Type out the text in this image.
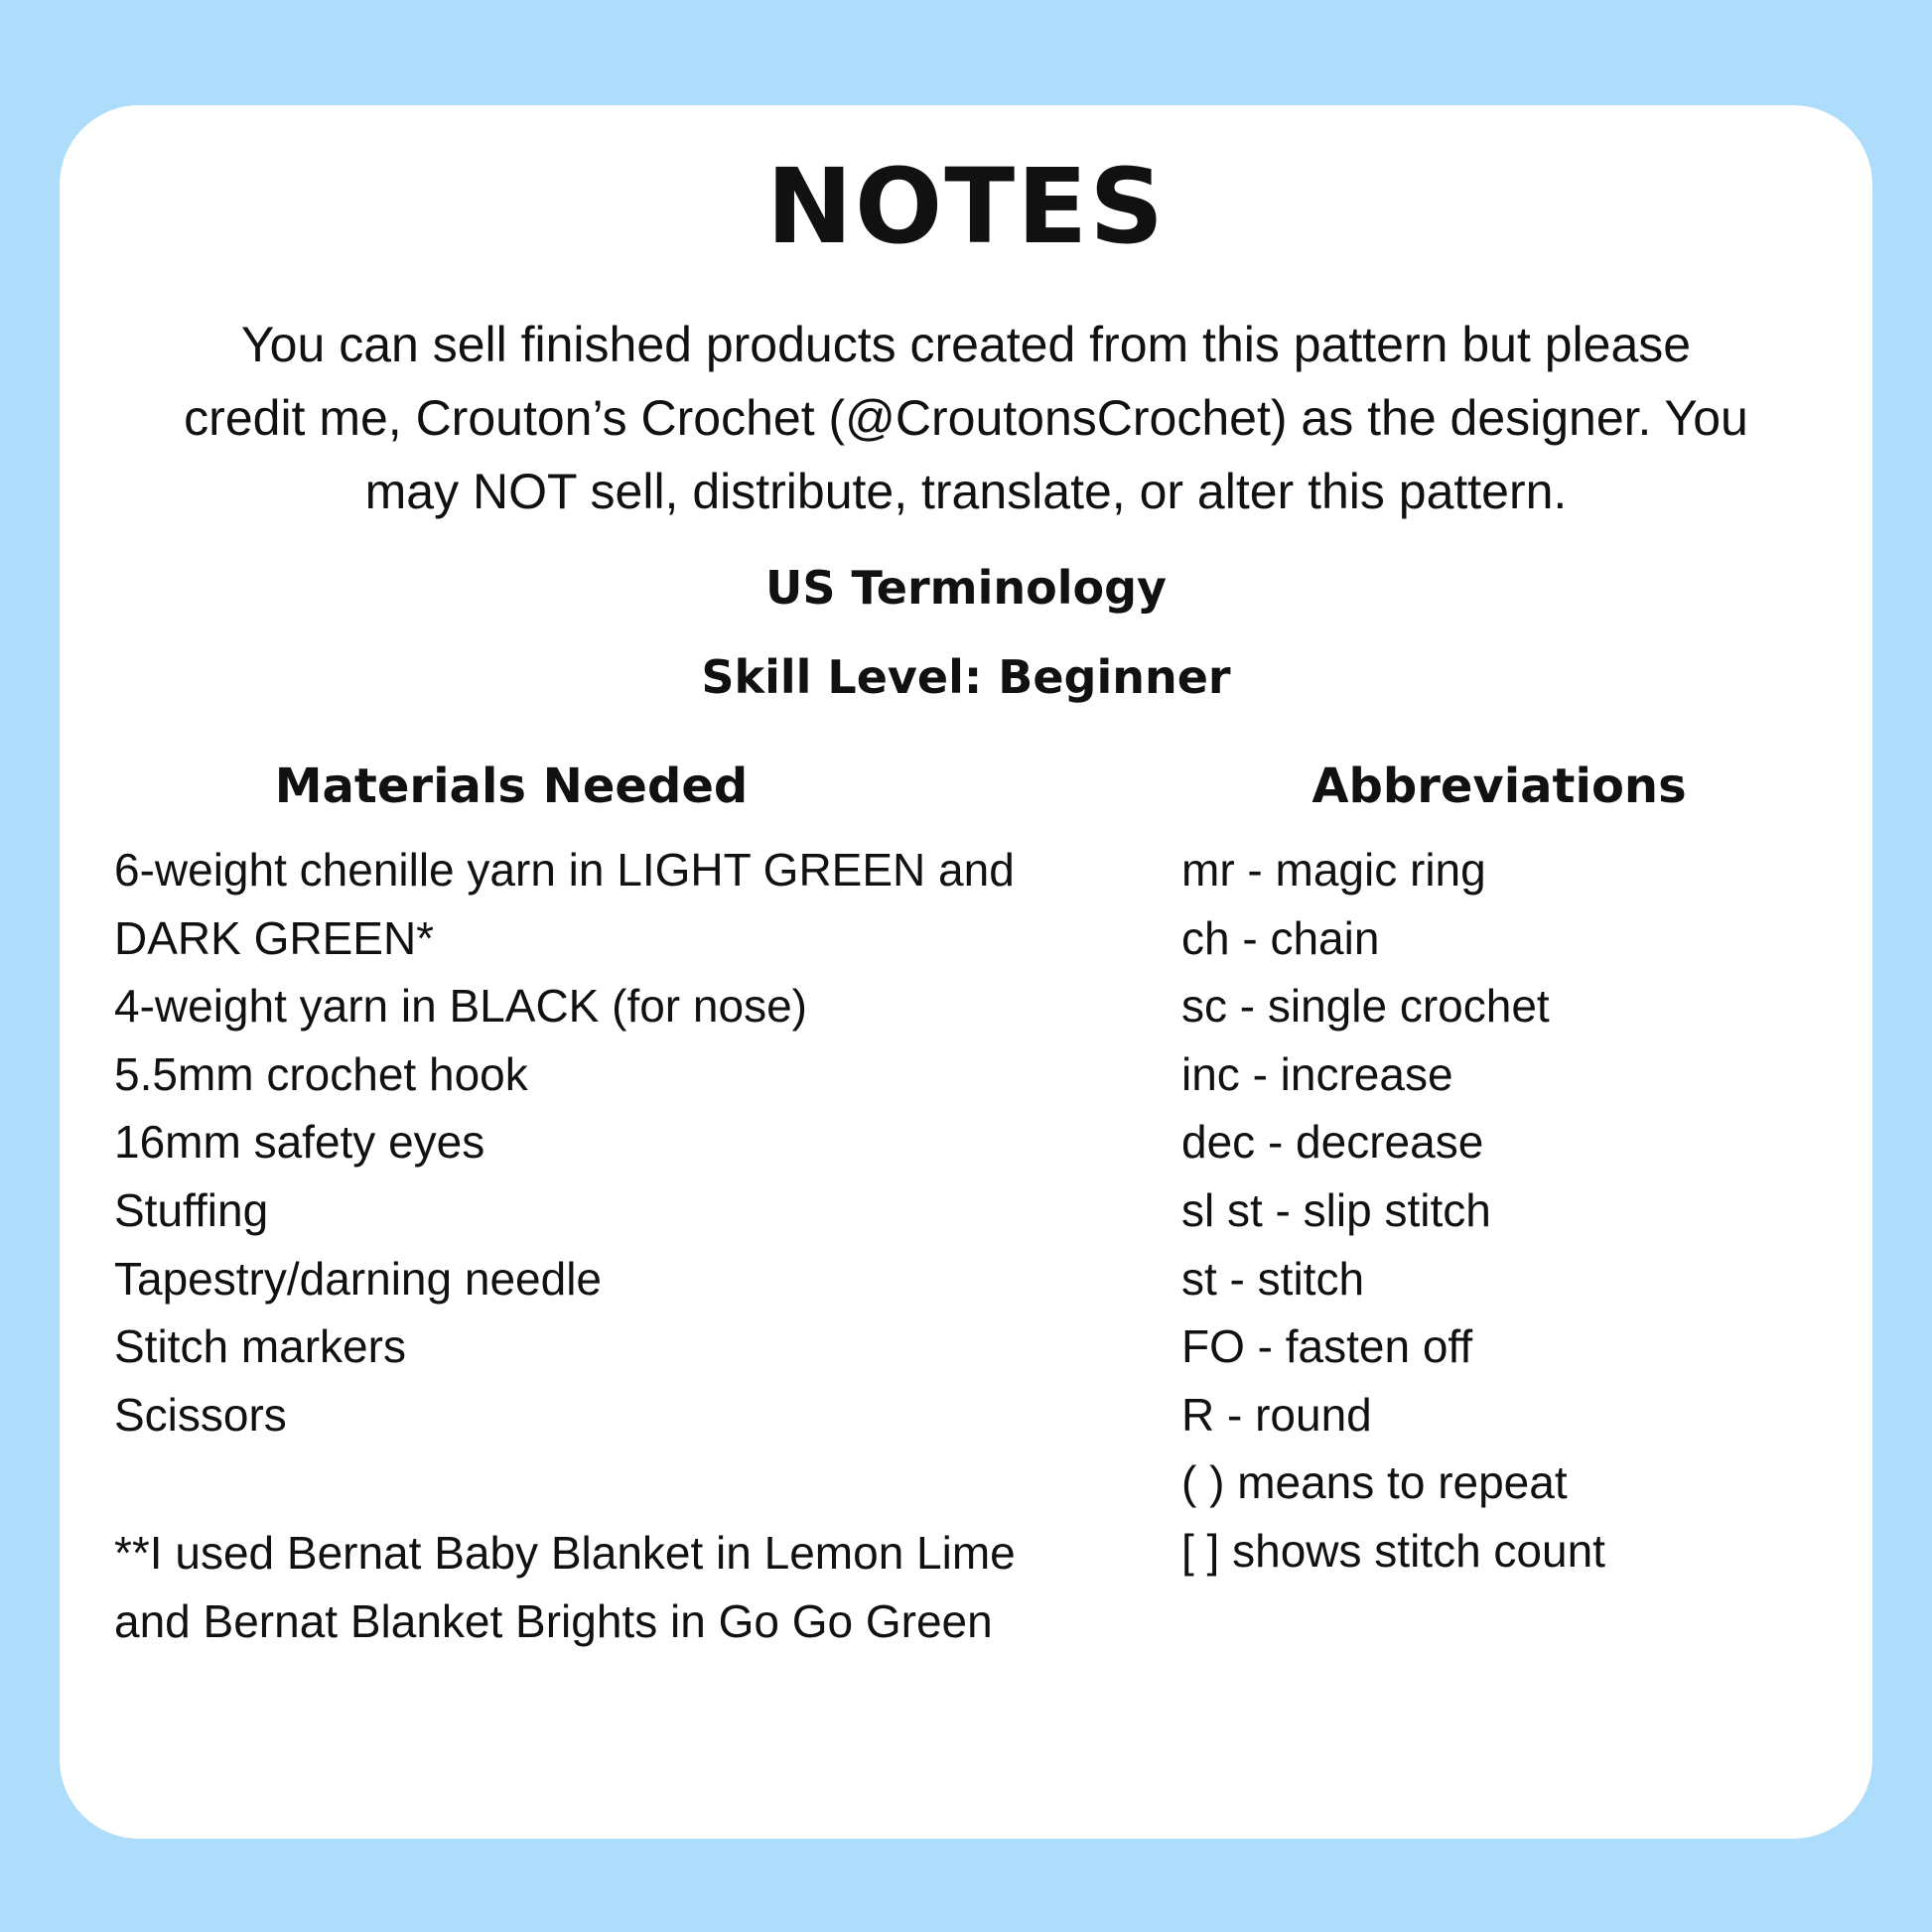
NOTES
You can sell finished products created from this pattern but please
credit me, Crouton’s Crochet (@CroutonsCrochet) as the designer. You
may NOT sell, distribute, translate, or alter this pattern.
US Terminology
Skill Level: Beginner
Materials Needed	Abbreviations
6-weight chenille yarn in LIGHT GREEN and
DARK GREEN*
4-weight yarn in BLACK (for nose)
5.5mm crochet hook
16mm safety eyes
Stuffing
Tapestry/darning needle
Stitch markers
Scissors
**I used Bernat Baby Blanket in Lemon Lime
and Bernat Blanket Brights in Go Go Green
mr - magic ring
ch - chain
sc - single crochet
inc - increase
dec - decrease
sl st - slip stitch
st - stitch
FO - fasten off
R - round
( ) means to repeat
[ ] shows stitch count
